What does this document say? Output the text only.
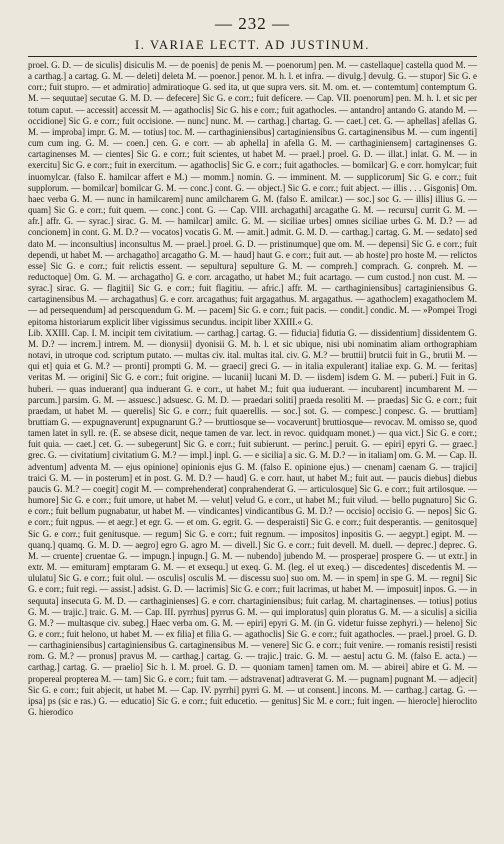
— 232 —
I. VARIAE LECTT. AD JUSTINUM.

proel. G. D. — de siculis] disiculis M. — de poenis] de penis M. — poenorum] pen. M. — castellaque] castella quod M. — a carthag.] a cartag. G. M. — deleti] deleta M. — poenor.] penor. M. h. l. et infra. — divulg.] devulg. G. — stupor] Sic G. e corr.; fuit stupro. — et admiratio] admiratioque G. sed ita, ut quе supra vers. sit. M. om. et. — contemtum] contemptum G. M. — sequutae] secutae G. M. D. — defecere] Sic G. e corr.; fuit defícere. — Cap. VII. poenorum] pen. M. h. l. et sic per totum caput. — accessit] accessit M. — agathoclis] Sic G. his e corr.; fuit agathocles. — antandro] antando G. atando M. — occidione] Sic G. e corr.; fuit occisione. — nunc] nunc. M. — carthag.] chartag. G. — caet.] cet. G. — aphellas] afellas G. M. — improba] impr. G. M. — totius] toc. M. — carthaginiensibus] cartaginiensibus G. cartaginensibus M. — cum ingenti] cum cum ing. G. M. — coen.] cen. G. e corr. — ab aphella] in afella G. M. — carthaginiensem] cartaginenses G. cartaginenses M. — cientes] Sic G. e corr.; fuit scientes, ut habet M. — prael.] proel. G. D. — illat.] inlat. G. M. — in exercitu] Sic G. e corr.; fuit in exercitum. — agathoclis] Sic G. e corr.; fuit agathocles. — bomilcar] G. e corr. homylcar; fuit inuomylcar. (falso E. hamilcar affert e M.) — momm.] nomin. G. — imminent. M. — supplicorum] Sic G. e corr.; fuit supplorum. — bomilcar] bomilcar G. M. — conc.] cont. G. — object.] Sic G. e corr.; fuit abject. — illis . . . Gisgonis] Om. haec verba G. M. — nunc in hamilcarem] nunc amilcharem G. M. (falso E. amilcar.) — soc.] soc G. — illis] illius G. — quam] Sic G. e corr.; fuit quem. — conc.] cont. G. — Cap. VIII. archagathi] arcagathe G. M. — recursu] currit G. M. — afr.] affr. G. — syrac.] sirac. G. M. — hamilcar] amilc. G. M. — siciliae urbes] omnes siciliae urbes G. M. D.? — ad concionem] in cont. G. M. D.? — vocatos] vocatis G. M. — amit.] admit. G. M. D. — carthag.] cartag. G. M. — sedato] sed dato M. — inconsultius] inconsultus M. — prael.] proel. G. D. — pristinumque] que om. M. — depensi] Sic G. e corr.; fuit dependi, ut habet M. — archagatho] arcagatho G. M. — haud] haut G. e corr.; fuit aut. — ab hoste] pro hoste M. — relictos esse] Sic G. e corr.; fuit relictis essent. — sepultura] sepulture G. M. — compreh.] comprach. G. conpreh. M. — reductoque] Om. G. M. — archagatho] G. e corr. arcagatho, ut habet M.; fuit acartago. — cum custod.] non cust. M. — syrac.] sirac. G. — flagitii] Sic G. e corr.; fuit flagitiu. — afric.] affr. M. — carthaginiensibus] cartaginiensibus G. cartaginensibus M. — archagathus] G. e corr. arcagathus; fuit argagathus. M. argagathus. — agathoclem] exagathoclem M. — ad persequendum] ad perscquendum G. M. — pacem] Sic G. e corr.; fuit pacis. — condit.] condic. M. — »Pompei Trogi epitoma historiarum explicit liber vigissimus secundus. incipit liber XXIII.« G.

Lib. XXIII. Cap. I. M. incipit tem civitatium. — carthag.] cartag. G. — fiducia] fidutia G. — dissidentium] dissidentem G. M. D.? — increm.] intrem. M. — dionysii] dyonisii G. M. h. l. et sic ubique, nisi ubi nominatim aliam orthographiam notavi, in utroque cod. scriptum putato. — multas civ. ital. multas ital. civ. G. M.? — bruttii] brutcii fuit in G., brutii M. — qui et] quia et G. M.? — pronti] prompti G. M. — graeci] greci G. — in italia expulerant] italiae exp. G. M. — feritas] veritas M. — origini] Sic G. e corr.; fuit origine. — lucanii] lucani M. D. — iisdem] isdem G. M. — puberi.] Fuit in G. huberi. — quas induerant] qua induerant G. e corr., ut habet M.; fuit qua iuduerant. — incubarent] incumbarent M. — parcum.] parsim. G. M. — assuesc.] adsuesc. G. M. D. — praedari soliti] praeda resoliti M. — praedas] Sic G. e corr.; fuit praedam, ut habet M. — querelis] Sic G. e corr.; fuit quaerellis. — soc.] sot. G. — compesc.] conpesc. G. — bruttiam] bruttiam G. — expugnaverunt] expugnarunt G.? — bruttiosque se— vocaverunt] bruttiosque— revocav. M. omisso se, quod tamen latet in syll. re. (E. se absese dicit, neque tamen de var. lect. in revoc. quidquam monet.) — qua vict.] Sic G. e corr.; fuit quia. — caet.] cet. G. — subegerunt] Sic G. e corr.; fuit subierunt. — perinc.] peruit. G. — epiri] epyri G. — graec.] grec. G. — civitatium] civitatium G. M.? — impl.] inpl. G. — e sicilia] a sic. G. M. D.? — in italiam] om. G. M. — Cap. II. adventum] adventa M. — ejus opinione] opinionis ejus G. M. (falso E. opinione ejus.) — cnenam] caenam G. — trajici] traici G. M. — in posterum] et in post. G. M. D.? — haud] G. e corr. haut, ut habet M.; fuit aut. — paucis diebus] diebus paucis G. M.? — coegit] cogit M. — comprehenderat] conprahenderat G. — articulosque] Sic G. e corr.; fuit artilosque. — humore] Sic G. e corr.; fuit umore, ut habet M. — velut] velud G. e corr., ut habet M.; fuit vilud. — bello pugnaturo] Sic G. e corr.; fuit bellum pugnabatur, ut habet M. — vindicantes] vindicantibus G. M. D.? — occisio] occisio G. — nepos] Sic G. e corr.; fuit ngpus. — et aegr.] et egr. G. — et om. G. egrit. G. — desperaisti] Sic G. e corr.; fuit desperantis. — genitosque] Sic G. e corr.; fuit genitusque. — regum] Sic G. e corr.; fuit regnum. — impositos] inpositis G. — aegypt.] egipt. M. — quanq.] quamq. G. M. D. — aegro] egro G. agro M. — divell.] Sic G. e corr.; fuit devell. M. duell. — deprec.] deprec. G. M. — cruente] cruentae G. — impugn.] inpugn.] G. M. — nubendo] jubendo M. — prosperae] prospere G. — ut extr.] in extr. M. — emituram] emptaram G. M. — et exsequ.] ut exeq. G. M. (leg. el ut exeq.) — discedentes] discedentis M. — ululatu] Sic G. e corr.; fuit olul. — osculis] osculis M. — discessu suo] suo om. M. — in spem] in spe G. M. — regni] Sic G. e corr.; fuit regi. — assist.] adsist. G. D. — lacrimis] Sic G. e corr.; fuit lacrimas, ut habet M. — imposuit] inpos. G. — in sequuta] insecuta G. M. D. — carthaginienses] G. e corr. chartaginiensibus; fuit carlag. M. chartaginenses. — totius] potius G. M. — trajic.] traic. G. M. — Cap. III. pyrrhus] pyrrus G. M. — qui imploratus] quin ploratus G. M. — a siculis] a sicilia G. M.? — multasque civ. subeg.] Haec verba om. G. M. — epiri] epyri G. M. (in G. videtur fuisse zephyri.) — heleno] Sic G. e corr.; fuit helono, ut habet M. — ex filia] et filia G. — agathoclis] Sic G. e corr.; fuit agathocles. — prael.] proel. G. D. — carthaginiensibus] cartaginiensibus G. cartaginensibus M. — venere] Sic G. e corr.; fuit venire. — romanis resisti] resisti rom. G. M.? — pronus] pravus M. — carthag.] cartag. G. — trajic.] traic. G. M. — aestu] actu G. M. (falso E. acta.) — carthag.] cartag. G. — praelio] Sic h. l. M. proel. G. D. — quoniam tamen] tamen om. M. — abirei] abire et G. M. — propereal propterea M. — tam] Sic G. e corr.; fuit tam. — adstravenat] adtraverat G. M. — pugnam] pugnant M. — adjecit] Sic G. e corr.; fuit abjecit, ut habet M. — Cap. IV. pyrrhi] pyrri G. M. — ut consent.] incons. M. — carthag.] cartag. G. — ipsa] ps (sic e ras.) G. — educatio] Sic G. e corr.; fuit educetio. — genitus] Sic M. e corr.; fuit ingen. — hierocle] hieroclito G. hierodico
